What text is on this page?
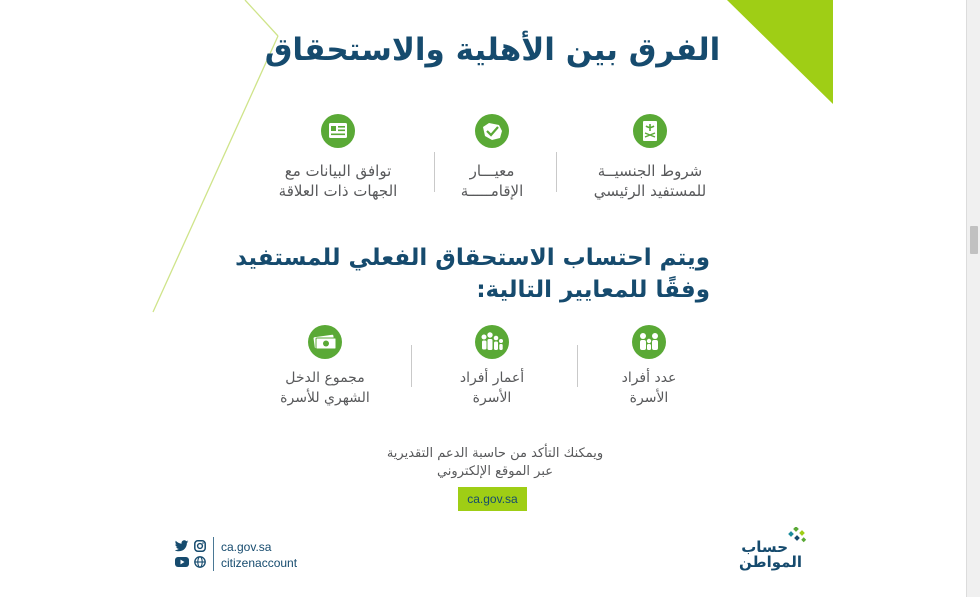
الفرق بين الأهلية والاستحقاق
شروط الجنسيــة
للمستفيد الرئيسي
معيـــار
الإقامـــــة
توافق البيانات مع
الجهات ذات العلاقة
ويتم احتساب الاستحقاق الفعلي للمستفيد
وفقًا للمعايير التالية:
عدد أفراد
الأسرة
أعمار أفراد
الأسرة
مجموع الدخل
الشهري للأسرة
ويمكنك التأكد من حاسبة الدعم التقديرية
عبر الموقع الإلكتروني
ca.gov.sa
ca.gov.sa
citizenaccount
حساب
المواطن
